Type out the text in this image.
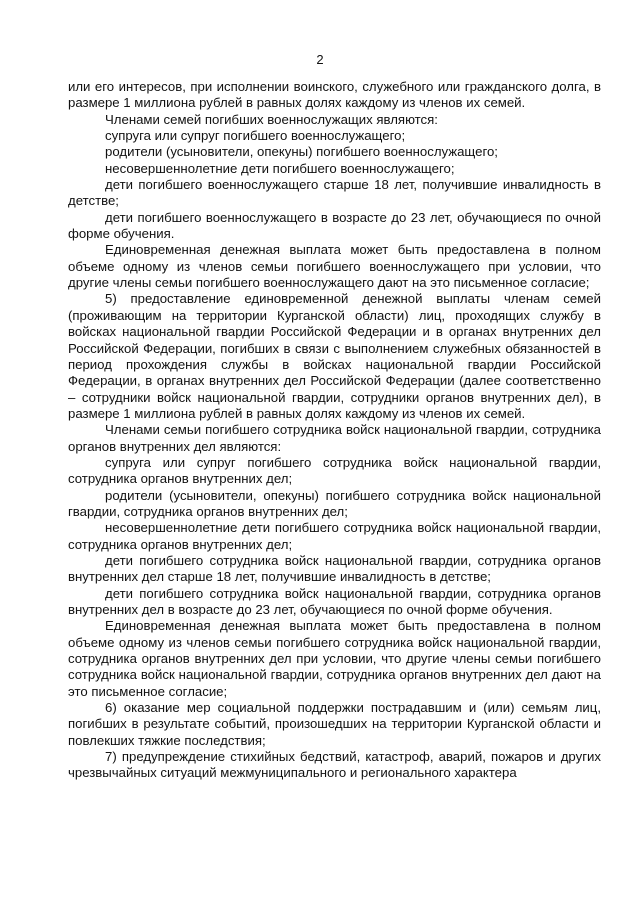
2

или его интересов, при исполнении воинского, служебного или гражданского долга, в размере 1 миллиона рублей в равных долях каждому из членов их семей.

Членами семей погибших военнослужащих являются:

супруга или супруг погибшего военнослужащего;

родители (усыновители, опекуны) погибшего военнослужащего;

несовершеннолетние дети погибшего военнослужащего;

дети погибшего военнослужащего старше 18 лет, получившие инвалидность в детстве;

дети погибшего военнослужащего в возрасте до 23 лет, обучающиеся по очной форме обучения.

Единовременная денежная выплата может быть предоставлена в полном объеме одному из членов семьи погибшего военнослужащего при условии, что другие члены семьи погибшего военнослужащего дают на это письменное согласие;

5) предоставление единовременной денежной выплаты членам семей (проживающим на территории Курганской области) лиц, проходящих службу в войсках национальной гвардии Российской Федерации и в органах внутренних дел Российской Федерации, погибших в связи с выполнением служебных обязанностей в период прохождения службы в войсках национальной гвардии Российской Федерации, в органах внутренних дел Российской Федерации (далее соответственно – сотрудники войск национальной гвардии, сотрудники органов внутренних дел), в размере 1 миллиона рублей в равных долях каждому из членов их семей.

Членами семьи погибшего сотрудника войск национальной гвардии, сотрудника органов внутренних дел являются:

супруга или супруг погибшего сотрудника войск национальной гвардии, сотрудника органов внутренних дел;

родители (усыновители, опекуны) погибшего сотрудника войск национальной гвардии, сотрудника органов внутренних дел;

несовершеннолетние дети погибшего сотрудника войск национальной гвардии, сотрудника органов внутренних дел;

дети погибшего сотрудника войск национальной гвардии, сотрудника органов внутренних дел старше 18 лет, получившие инвалидность в детстве;

дети погибшего сотрудника войск национальной гвардии, сотрудника органов внутренних дел в возрасте до 23 лет, обучающиеся по очной форме обучения.

Единовременная денежная выплата может быть предоставлена в полном объеме одному из членов семьи погибшего сотрудника войск национальной гвардии, сотрудника органов внутренних дел при условии, что другие члены семьи погибшего сотрудника войск национальной гвардии, сотрудника органов внутренних дел дают на это письменное согласие;

6) оказание мер социальной поддержки пострадавшим и (или) семьям лиц, погибших в результате событий, произошедших на территории Курганской области и повлекших тяжкие последствия;

7) предупреждение стихийных бедствий, катастроф, аварий, пожаров и других чрезвычайных ситуаций межмуниципального и регионального характера
